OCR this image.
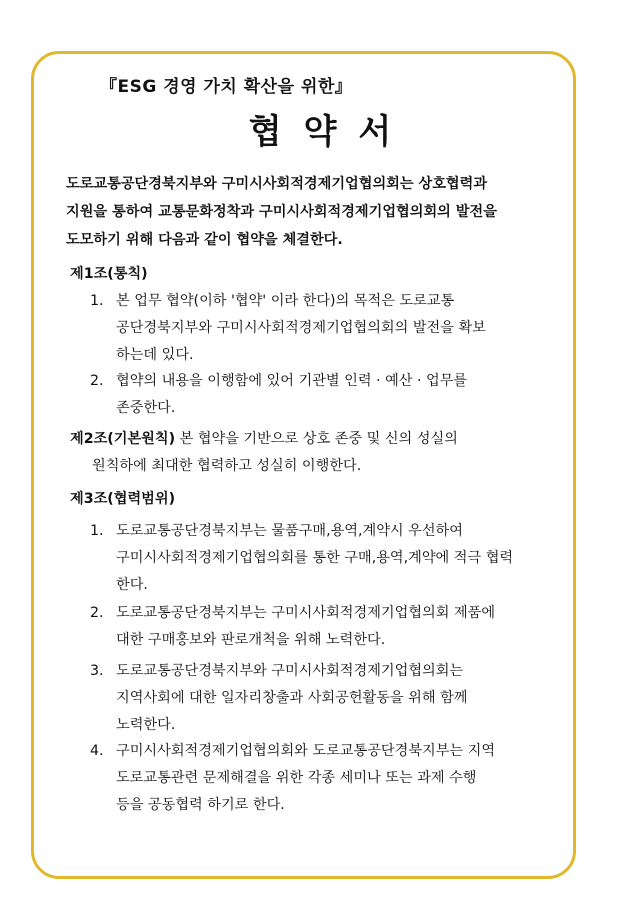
『ESG 경영 가치 확산을 위한』
협약서

도로교통공단경북지부와 구미시사회적경제기업협의회는 상호협력과

지원을 통하여 교통문화정착과 구미시사회적경제기업협의회의 발전을

도모하기 위해 다음과 같이 협약을 체결한다.

제1조(통칙)
1. 본 업무 협약(이하 '협약' 이라 한다)의 목적은 도로교통
공단경북지부와 구미시사회적경제기업협의회의 발전을 확보
하는데 있다.
2. 협약의 내용을 이행함에 있어 기관별 인력 · 예산 · 업무를
존중한다.
제2조(기본원칙) 본 협약을 기반으로 상호 존중 및 신의 성실의
원칙하에 최대한 협력하고 성실히 이행한다.
제3조(협력범위)
1. 도로교통공단경북지부는 물품구매,용역,계약시 우선하여
구미시사회적경제기업협의회를 통한 구매,용역,계약에 적극 협력
한다.
2. 도로교통공단경북지부는 구미시사회적경제기업협의회 제품에
대한 구매홍보와 판로개척을 위해 노력한다.
3. 도로교통공단경북지부와 구미시사회적경제기업협의회는
지역사회에 대한 일자리창출과 사회공헌활동을 위해 함께
노력한다.
4. 구미시사회적경제기업협의회와 도로교통공단경북지부는 지역
도로교통관련 문제해결을 위한 각종 세미나 또는 과제 수행
등을 공동협력 하기로 한다.
